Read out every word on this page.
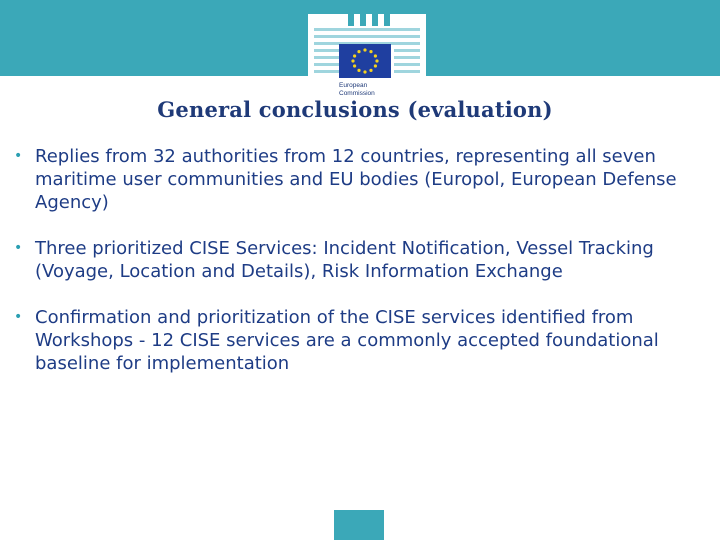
European
Commission
General conclusions (evaluation)
• Replies from 32 authorities from 12 countries, representing all seven maritime user communities and EU bodies (Europol, European Defense Agency)
• Three prioritized CISE Services: Incident Notification, Vessel Tracking (Voyage, Location and Details), Risk Information Exchange
• Confirmation and prioritization of the CISE services identified from Workshops - 12 CISE services are a commonly accepted foundational baseline for implementation
